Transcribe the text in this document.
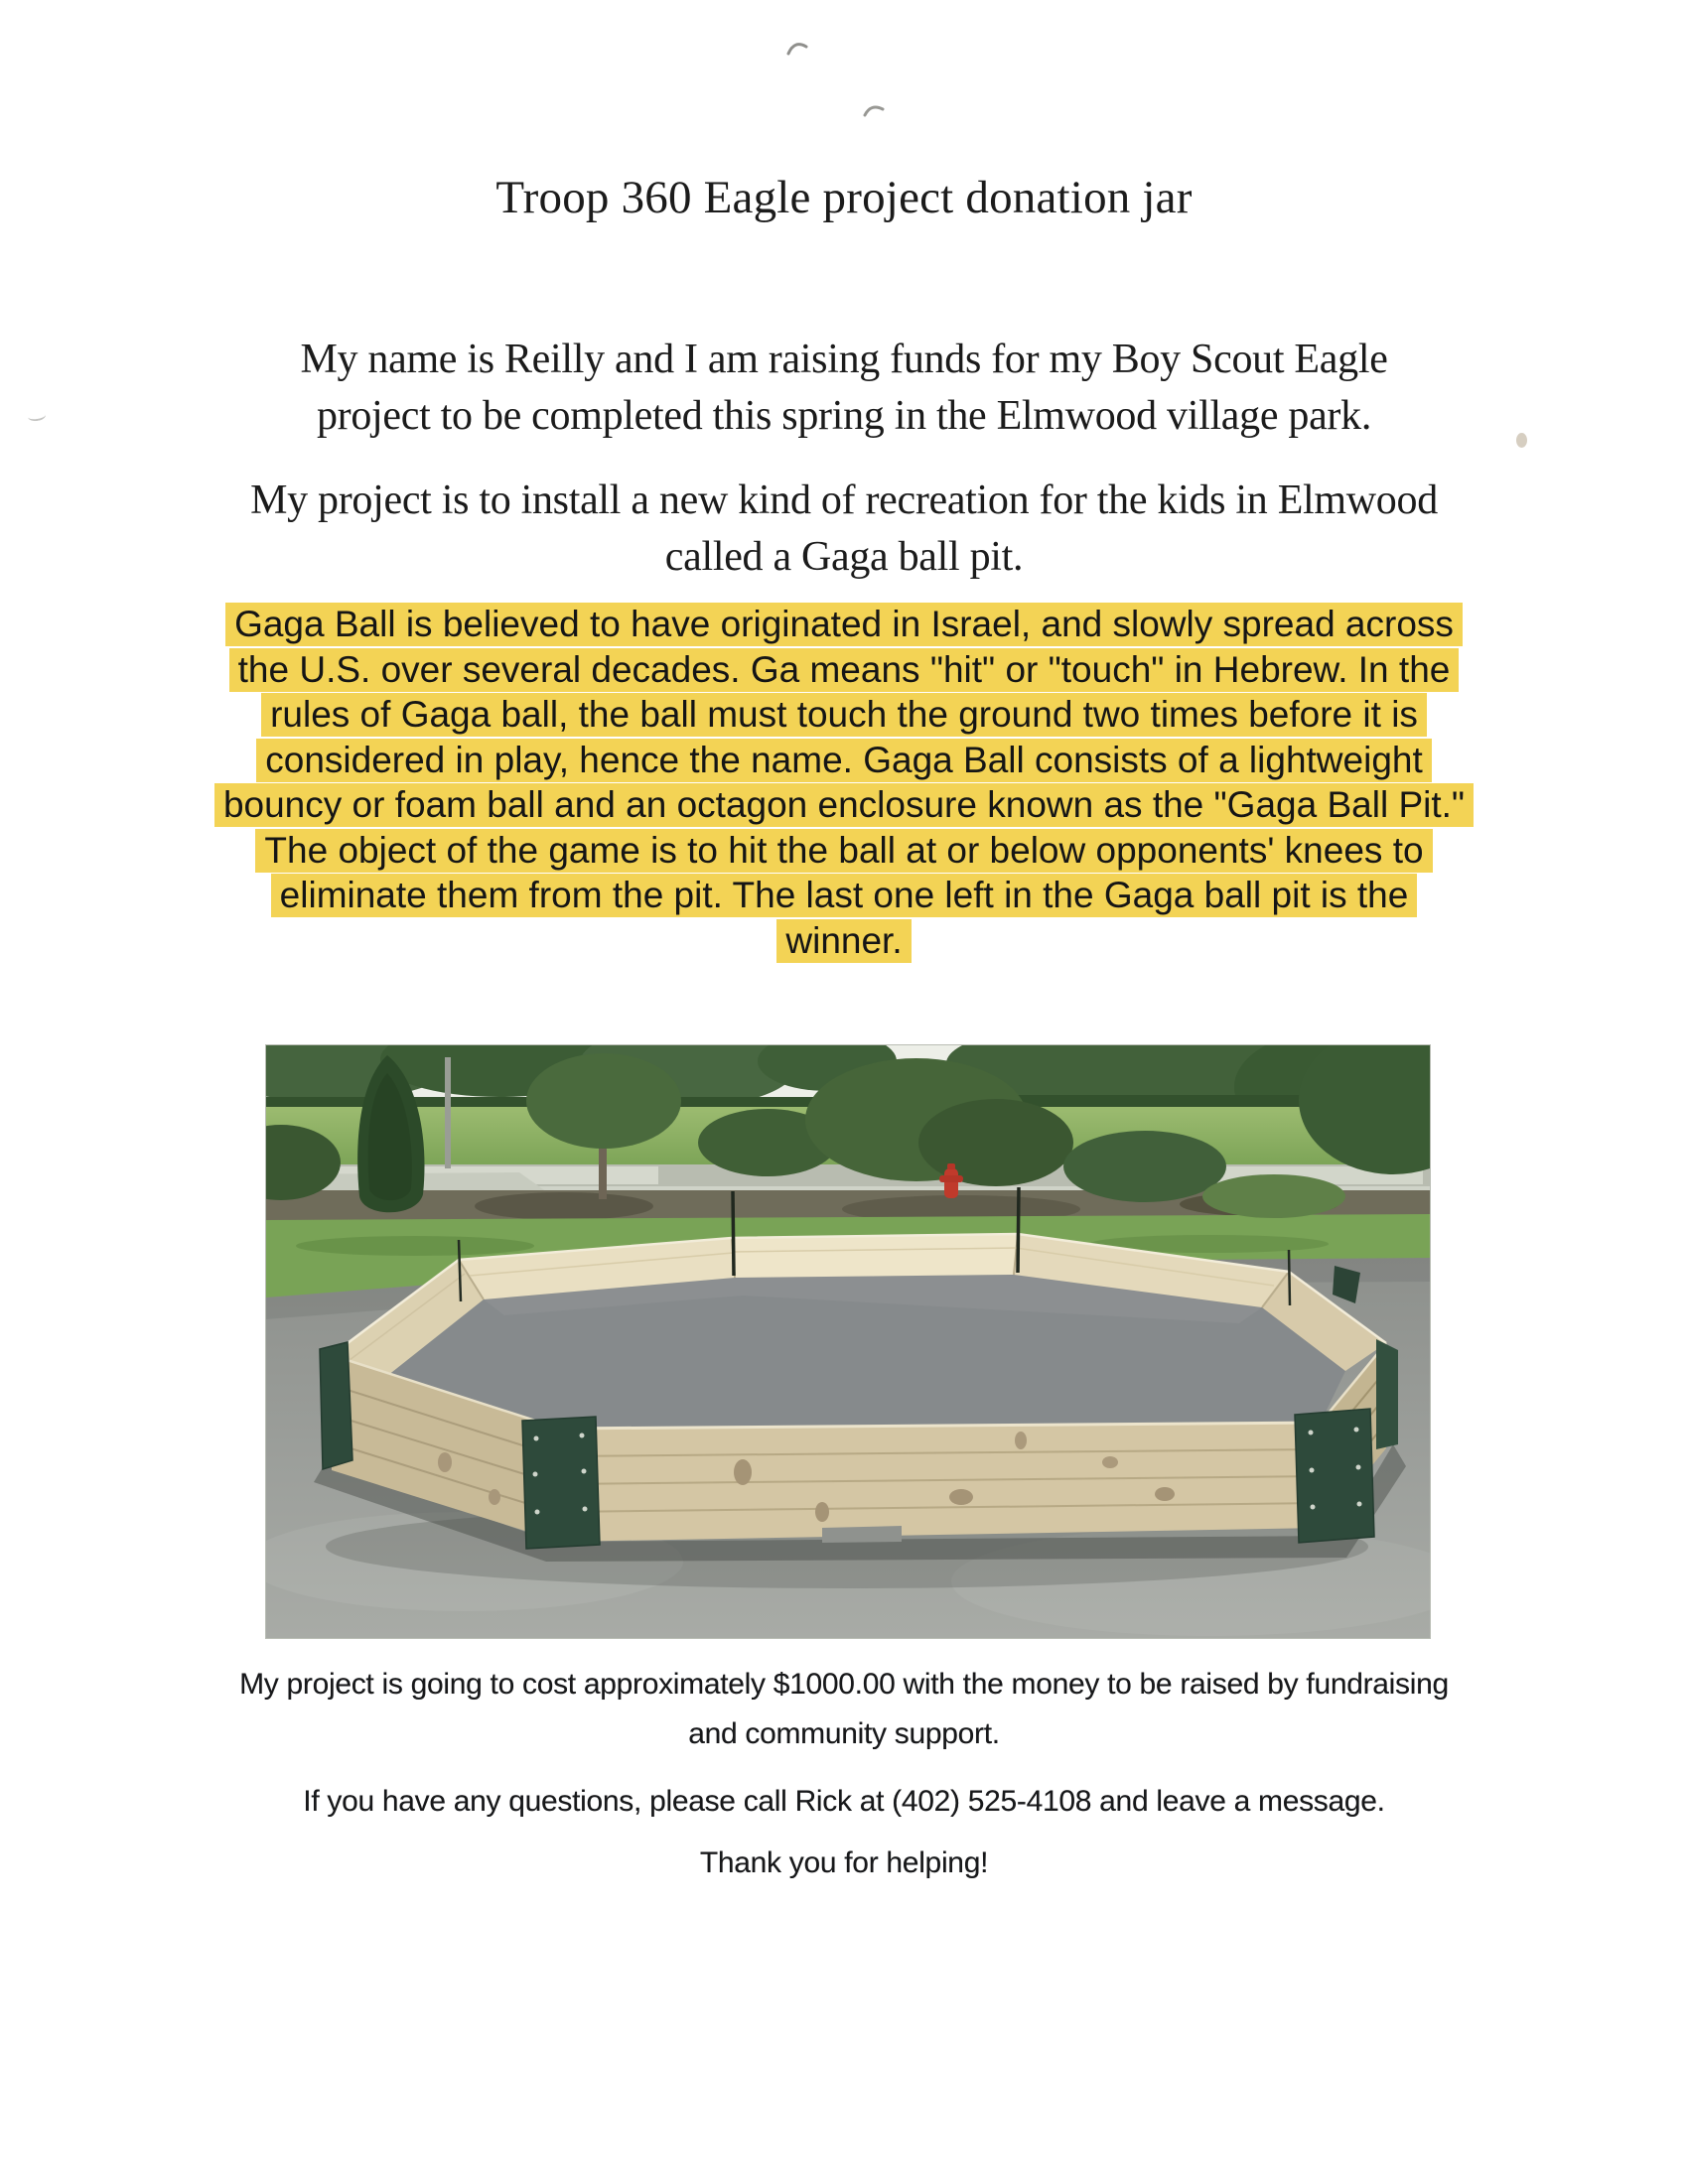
Troop 360 Eagle project donation jar

My name is Reilly and I am raising funds for my Boy Scout Eagle
project to be completed this spring in the Elmwood village park.

My project is to install a new kind of recreation for the kids in Elmwood
called a Gaga ball pit.

Gaga Ball is believed to have originated in Israel, and slowly spread across
the U.S. over several decades. Ga means "hit" or "touch" in Hebrew. In the
rules of Gaga ball, the ball must touch the ground two times before it is
considered in play, hence the name. Gaga Ball consists of a lightweight
bouncy or foam ball and an octagon enclosure known as the "Gaga Ball Pit."
The object of the game is to hit the ball at or below opponents' knees to
eliminate them from the pit. The last one left in the Gaga ball pit is the
winner.

My project is going to cost approximately $1000.00 with the money to be raised by fundraising
and community support.

If you have any questions, please call Rick at (402) 525-4108 and leave a message.

Thank you for helping!
